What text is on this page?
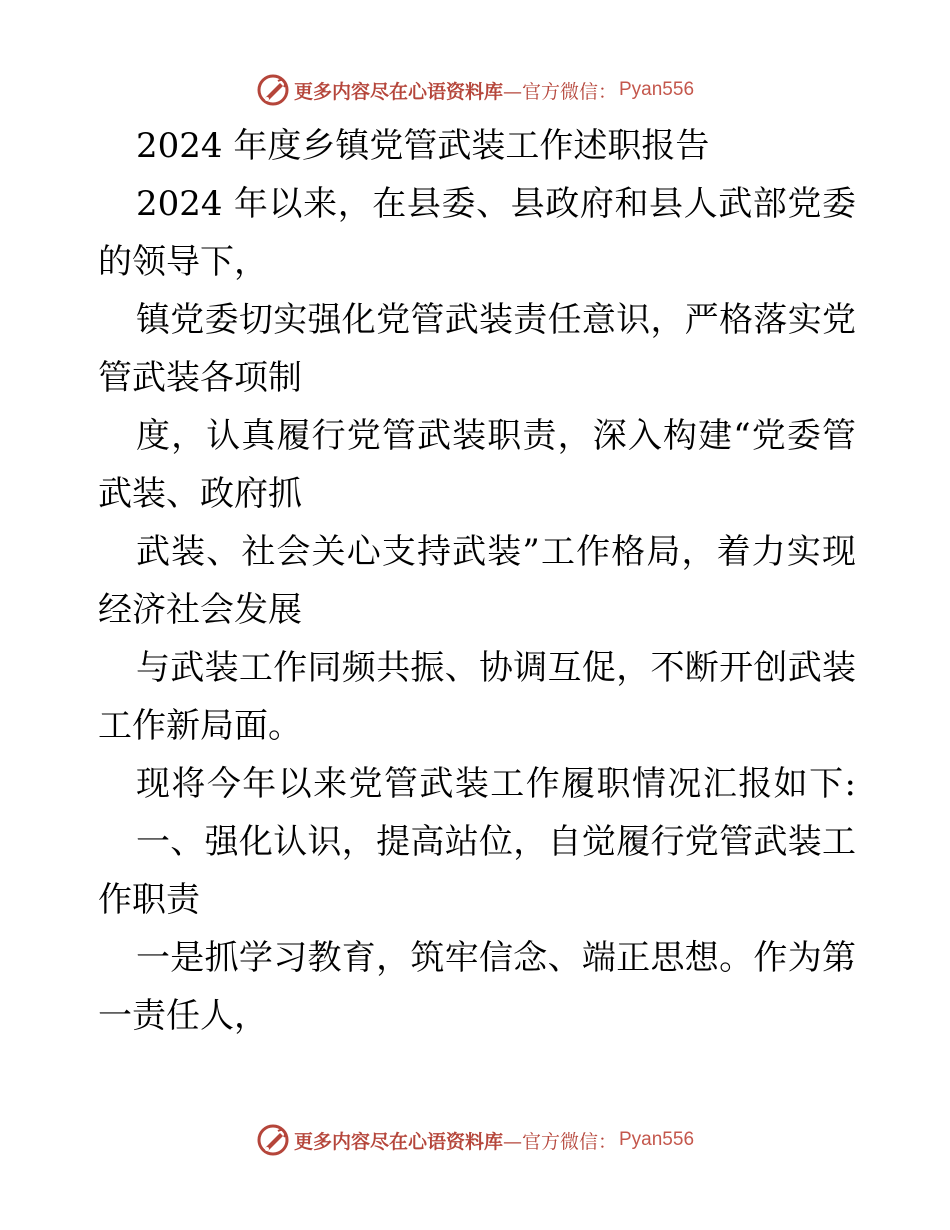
更多内容尽在心语资料库 —官方微信： Pyan556
2024 年度乡镇党管武装工作述职报告
2024 年以来，在县委、县政府和县人武部党委
的领导下，
镇党委切实强化党管武装责任意识，严格落实党
管武装各项制
度，认真履行党管武装职责，深入构建“党委管
武装、政府抓
武装、社会关心支持武装”工作格局，着力实现
经济社会发展
与武装工作同频共振、协调互促，不断开创武装
工作新局面。
现将今年以来党管武装工作履职情况汇报如下:
一、强化认识，提高站位，自觉履行党管武装工
作职责
一是抓学习教育，筑牢信念、端正思想。作为第
一责任人，
更多内容尽在心语资料库 —官方微信： Pyan556
